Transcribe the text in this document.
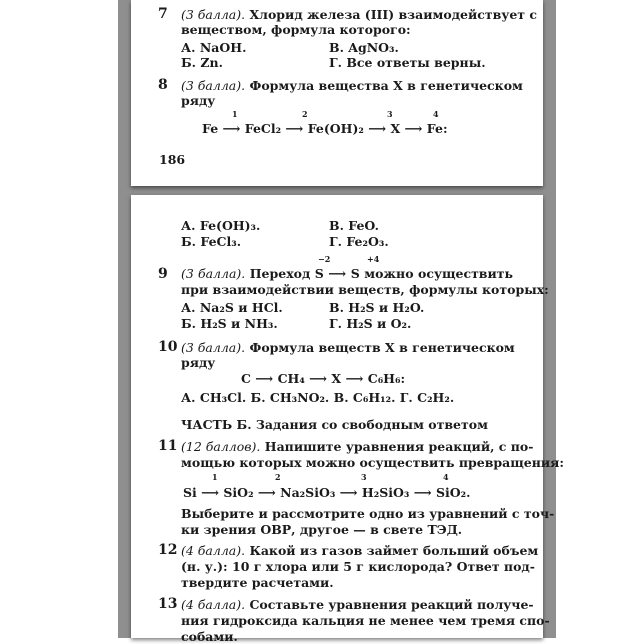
7 (3 балла). Хлорид железа (III) взаимодействует с
веществом, формула которого:
А. NaOH.	В. AgNO₃.
Б. Zn.	Г. Все ответы верны.
8 (3 балла). Формула вещества X в генетическом
ряду
1	2	3	4
Fe ⟶ FeCl₂ ⟶ Fe(OH)₂ ⟶ X ⟶ Fe:
186
А. Fe(OH)₃.	В. FeO.
Б. FeCl₃.	Г. Fe₂O₃.
−2	+4
9 (3 балла). Переход S ⟶ S можно осуществить
при взаимодействии веществ, формулы которых:
А. Na₂S и HCl.	В. H₂S и H₂O.
Б. H₂S и NH₃.	Г. H₂S и O₂.
10 (3 балла). Формула веществ X в генетическом
ряду
C ⟶ CH₄ ⟶ X ⟶ C₆H₆:
А. CH₃Cl. Б. CH₃NO₂. В. C₆H₁₂. Г. C₂H₂.
ЧАСТЬ Б. Задания со свободным ответом
11 (12 баллов). Напишите уравнения реакций, с по-
мощью которых можно осуществить превращения:
1	2	3	4
Si ⟶ SiO₂ ⟶ Na₂SiO₃ ⟶ H₂SiO₃ ⟶ SiO₂.
Выберите и рассмотрите одно из уравнений с точ-
ки зрения ОВР, другое — в свете ТЭД.
12 (4 балла). Какой из газов займет больший объем
(н. у.): 10 г хлора или 5 г кислорода? Ответ под-
твердите расчетами.
13 (4 балла). Составьте уравнения реакций получе-
ния гидроксида кальция не менее чем тремя спо-
собами.
